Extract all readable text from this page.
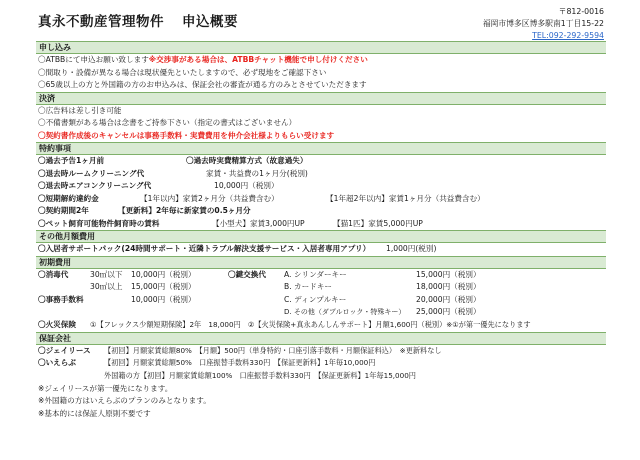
真永不動産管理物件 申込概要
〒812-0016
福岡市博多区博多駅南1丁目15-22
TEL:092-292-9594
申し込み
〇ATBBにて申込お願い致します※交渉事がある場合は、ATBBチャット機能で申し付けください
〇間取り・設備が異なる場合は現状優先といたしますので、必ず現地をご確認下さい
〇65歳以上の方と外国籍の方のお申込みは、保証会社の審査が通る方のみとさせていただきます
決済
〇広告料は差し引き可能
〇不備書類がある場合は念書をご持参下さい（指定の書式はございません）
〇契約書作成後のキャンセルは事務手数料・実費費用を仲介会社様よりもらい受けます
特約事項
〇過去予告1ヶ月前	〇過去時実費精算方式（故意過失）
〇退去時ルームクリーニング代	家賃・共益費の1ヶ月分(税別)
〇退去時エアコンクリーニング代	10,000円（税別）
〇短期解約違約金	【1年以内】家賃2ヶ月分（共益費含む）	【1年超2年以内】家賃1ヶ月分（共益費含む）
〇契約期間2年	【更新料】2年毎に新家賃の0.5ヶ月分
〇ペット飼育可能物件飼育時の賃料	【小型犬】家賃3,000円UP	【猫1匹】家賃5,000円UP
その他月額費用
〇入居者サポートパック(24時間サポート・近隣トラブル解決支援サービス・入居者専用アプリ） 1,000円(税別)
初期費用
〇消毒代	30㎡以下 10,000円（税別）
30㎡以上 15,000円（税別）
〇事務手数料	10,000円（税別）
〇鍵交換代 A. シリンダーキー	15,000円（税別）
B. カードキー	18,000円（税別）
C. ディンプルキー	20,000円（税別）
D. その他（ダブルロック・特殊キー） 25,000円（税別）
〇火災保険 ①【フレックス少額短期保険】2年　18,000円　②【火災保険+真永あんしんサポート】月額1,600円（税別）※①が第一優先になります
保証会社
〇ジェイリース 【初回】月額家賃総額80%　【月額】500円（単身特約・口座引落手数料・月額保証料込）　※更新料なし
〇いえらぶ	【初回】月額家賃総額50%　口座振替手数料330円　【保証更新料】1年毎10,000円
外国籍の方【初回】月額家賃総額100%　口座振替手数料330円　【保証更新料】1年毎15,000円
※ジェイリースが第一優先になります。
※外国籍の方はいえらぶのプランのみとなります。
※基本的には保証人原則不要です
